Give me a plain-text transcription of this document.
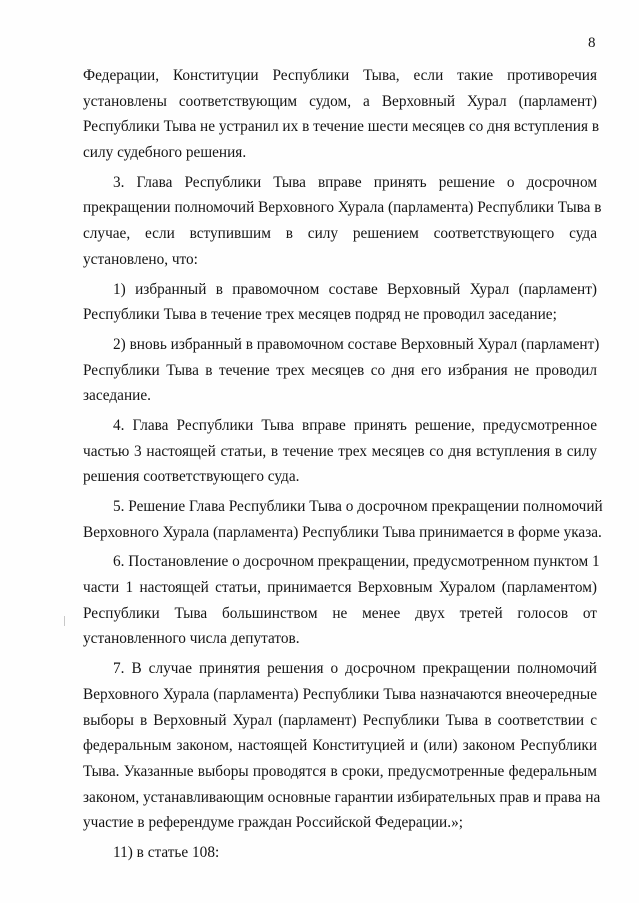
8
Федерации, Конституции Республики Тыва, если такие противоречия
установлены соответствующим судом, а Верховный Хурал (парламент)
Республики Тыва не устранил их в течение шести месяцев со дня вступления в
силу судебного решения.
3. Глава Республики Тыва вправе принять решение о досрочном
прекращении полномочий Верховного Хурала (парламента) Республики Тыва в
случае, если вступившим в силу решением соответствующего суда
установлено, что:
1) избранный в правомочном составе Верховный Хурал (парламент)
Республики Тыва в течение трех месяцев подряд не проводил заседание;
2) вновь избранный в правомочном составе Верховный Хурал (парламент)
Республики Тыва в течение трех месяцев со дня его избрания не проводил
заседание.
4. Глава Республики Тыва вправе принять решение, предусмотренное
частью 3 настоящей статьи, в течение трех месяцев со дня вступления в силу
решения соответствующего суда.
5. Решение Глава Республики Тыва о досрочном прекращении полномочий
Верховного Хурала (парламента) Республики Тыва принимается в форме указа.
6. Постановление о досрочном прекращении, предусмотренном пунктом 1
части 1 настоящей статьи, принимается Верховным Хуралом (парламентом)
Республики Тыва большинством не менее двух третей голосов от
установленного числа депутатов.
7. В случае принятия решения о досрочном прекращении полномочий
Верховного Хурала (парламента) Республики Тыва назначаются внеочередные
выборы в Верховный Хурал (парламент) Республики Тыва в соответствии с
федеральным законом, настоящей Конституцией и (или) законом Республики
Тыва. Указанные выборы проводятся в сроки, предусмотренные федеральным
законом, устанавливающим основные гарантии избирательных прав и права на
участие в референдуме граждан Российской Федерации.»;
11) в статье 108:
